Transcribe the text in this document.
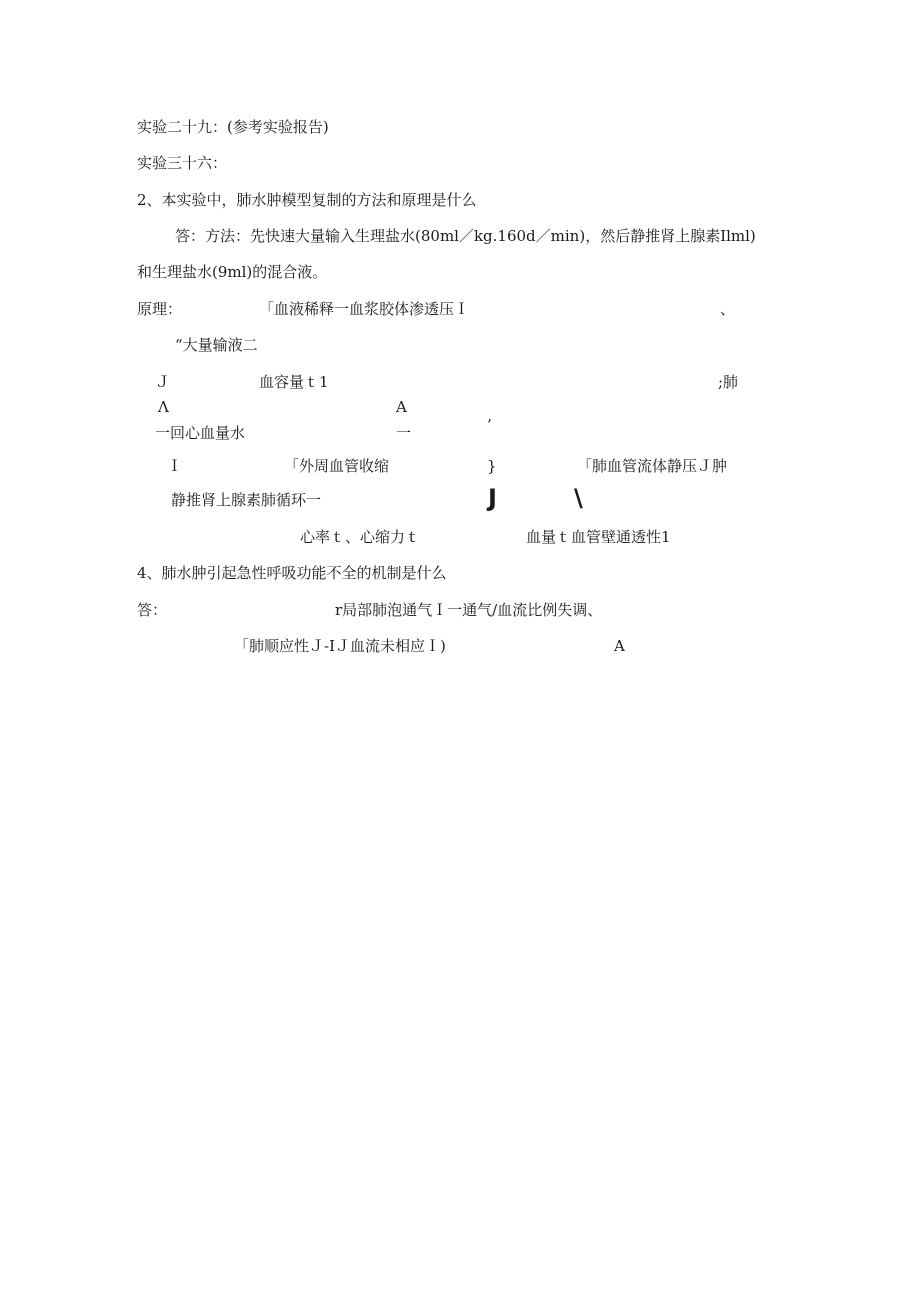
实验二十九：(参考实验报告)
实验三十六：
2、本实验中，肺水肿模型复制的方法和原理是什么
答：方法：先快速大量输入生理盐水(80ml／kg.160d／min)，然后静推肾上腺素Ilml)
和生理盐水(9ml)的混合液。
原理：	「血液稀释一血浆胶体渗透压Ｉ	、
“大量输液二
Ｊ	血容量ｔ1	;肺
Λ	A
一回心血量水	一	’
Ｉ	「外周血管收缩	}	「肺血管流体静压Ｊ肿
静推肾上腺素肺循环一	J	\
心率ｔ、心缩力ｔ	血量ｔ血管壁通透性1
4、肺水肿引起急性呼吸功能不全的机制是什么
答：	r局部肺泡通气Ｉ一通气/血流比例失调、
「肺顺应性Ｊ-IＪ血流未相应Ｉ)	A
